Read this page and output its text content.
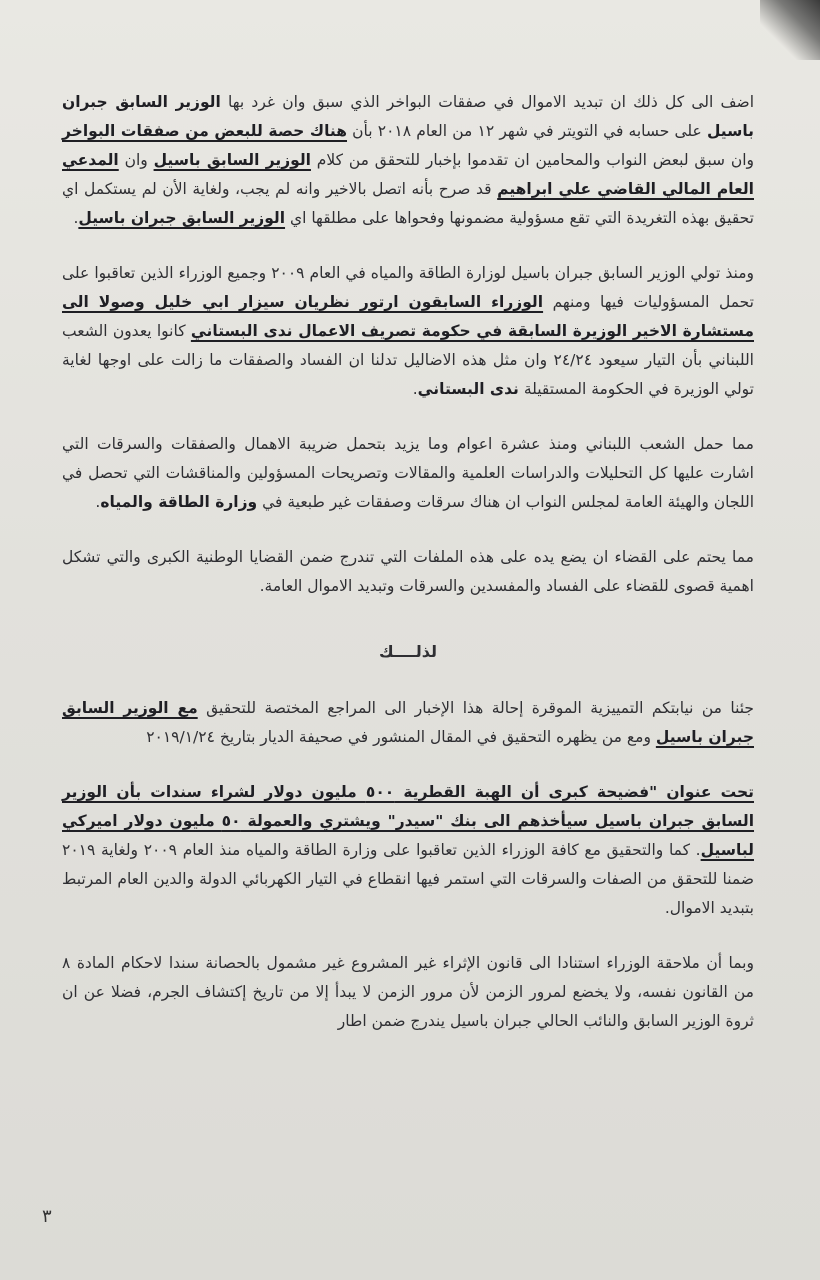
اضف الى كل ذلك ان تبديد الاموال في صفقات البواخر الذي سبق وان غرد بها الوزير السابق جبران باسيل على حسابه في التويتر في شهر ١٢ من العام ٢٠١٨ بأن هناك حصة للبعض من صفقات البواخر وان سبق لبعض النواب والمحامين ان تقدموا بإخبار للتحقق من كلام الوزير السابق باسيل وان المدعي العام المالي القاضي علي ابراهيم قد صرح بأنه اتصل بالاخير وانه لم يجب، ولغاية الأن لم يستكمل اي تحقيق بهذه التغريدة التي تقع مسؤولية مضمونها وفحواها على مطلقها اي الوزير السابق جبران باسيل.

ومنذ تولي الوزير السابق جبران باسيل لوزارة الطاقة والمياه في العام ٢٠٠٩ وجميع الوزراء الذين تعاقبوا على تحمل المسؤوليات فيها ومنهم الوزراء السابقون ارتور نظريان سيزار ابي خليل وصولا الى مستشارة الاخير الوزيرة السابقة في حكومة تصريف الاعمال ندى البستاني كانوا يعدون الشعب اللبناني بأن التيار سيعود ٢٤/٢٤ وان مثل هذه الاضاليل تدلنا ان الفساد والصفقات ما زالت على اوجها لغاية تولي الوزيرة في الحكومة المستقيلة ندى البستاني.

مما حمل الشعب اللبناني ومنذ عشرة اعوام وما يزيد بتحمل ضريبة الاهمال والصفقات والسرقات التي اشارت عليها كل التحليلات والدراسات العلمية والمقالات وتصريحات المسؤولين والمناقشات التي تحصل في اللجان والهيئة العامة لمجلس النواب ان هناك سرقات وصفقات غير طبعية في وزارة الطاقة والمياه.

مما يحتم على القضاء ان يضع يده على هذه الملفات التي تندرج ضمن القضايا الوطنية الكبرى والتي تشكل اهمية قصوى للقضاء على الفساد والمفسدين والسرقات وتبديد الاموال العامة.

لذلــــك

جئنا من نيابتكم التمييزية الموقرة إحالة هذا الإخبار الى المراجع المختصة للتحقيق مع الوزير السابق جبران باسيل ومع من يظهره التحقيق في المقال المنشور في صحيفة الديار بتاريخ ٢٠١٩/١/٢٤

تحت عنوان "فضيحة كبرى أن الهبة القطرية ٥٠٠ مليون دولار لشراء سندات بأن الوزير السابق جبران باسيل سيأخذهم الى بنك "سيدر" ويشتري والعمولة ٥٠ مليون دولار اميركي لباسيل. كما والتحقيق مع كافة الوزراء الذين تعاقبوا على وزارة الطاقة والمياه منذ العام ٢٠٠٩ ولغاية ٢٠١٩ ضمنا للتحقق من الصفات والسرقات التي استمر فيها انقطاع في التيار الكهربائي الدولة والدين العام المرتبط بتبديد الاموال.

وبما أن ملاحقة الوزراء استنادا الى قانون الإثراء غير المشروع غير مشمول بالحصانة سندا لاحكام المادة ٨ من القانون نفسه، ولا يخضع لمرور الزمن لأن مرور الزمن لا يبدأ إلا من تاريخ إكتشاف الجرم، فضلا عن ان ثروة الوزير السابق والنائب الحالي جبران باسيل يندرج ضمن اطار

٣
